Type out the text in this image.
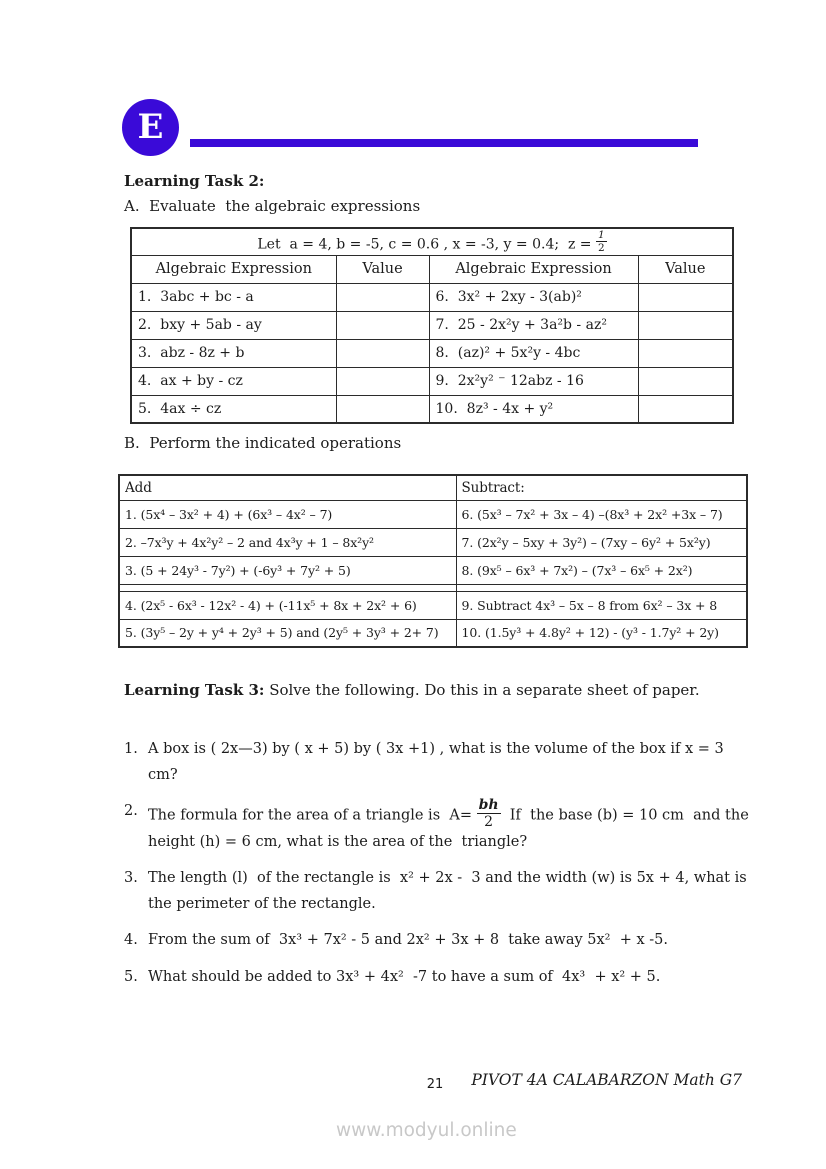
E
Learning Task 2:
A.  Evaluate  the algebraic expressions
Let  a = 4, b = -5, c = 0.6 , x = -3, y = 0.4;  $z = \frac{1}{2}$

Algebraic Expression	Value	Algebraic Expression	Value

1.  3abc + bc - a		6.  3x² + 2xy - 3(ab)²	

2.  bxy + 5ab - ay		7.  25 - 2x²y + 3a²b - az²	

3.  abz - 8z + b		8.  (az)² + 5x²y - 4bc	

4.  ax + by - cz		9.  2x²y² ⁻ 12abz - 16	

5.  4ax ÷ cz		10.  8z³ - 4x + y²	

B.  Perform the indicated operations
Add	Subtract:

1. (5x⁴ – 3x² + 4) + (6x³ – 4x² – 7)	6. (5x³ – 7x² + 3x – 4) –(8x³ + 2x² +3x – 7)

2. –7x³y + 4x²y² – 2 and 4x³y + 1 – 8x²y²	7. (2x²y – 5xy + 3y²) – (7xy – 6y² + 5x²y)

3. (5 + 24y³ - 7y²) + (-6y³ + 7y² + 5)	8. (9x⁵ – 6x³ + 7x²) – (7x³ – 6x⁵ + 2x²)

4. (2x⁵ - 6x³ - 12x² - 4) + (-11x⁵ + 8x + 2x² + 6)	9. Subtract 4x³ – 5x – 8 from 6x² – 3x + 8

5. (3y⁵ – 2y + y⁴ + 2y³ + 5) and (2y⁵ + 3y³ + 2+ 7)	10. (1.5y³ + 4.8y² + 12) - (y³ - 1.7y² + 2y)
Learning Task 3: Solve the following. Do this in a separate sheet of paper.
1. A box is ( 2x—3) by ( x + 5) by ( 3x +1) , what is the volume of the box if x = 3 cm?
2. The formula for the area of a triangle is  $A= \frac{bh}{2}$ If  the base (b) = 10 cm  and the height (h) = 6 cm, what is the area of the  triangle?
3. The length (l)  of the rectangle is  x² + 2x -  3 and the width (w) is 5x + 4, what is the perimeter of the rectangle.
4. From the sum of  3x³ + 7x² - 5 and 2x² + 3x + 8  take away 5x²  + x -5.
5. What should be added to 3x³ + 4x²  -7 to have a sum of  4x³  + x² + 5.
21	PIVOT 4A CALABARZON Math G7
www.modyul.online
